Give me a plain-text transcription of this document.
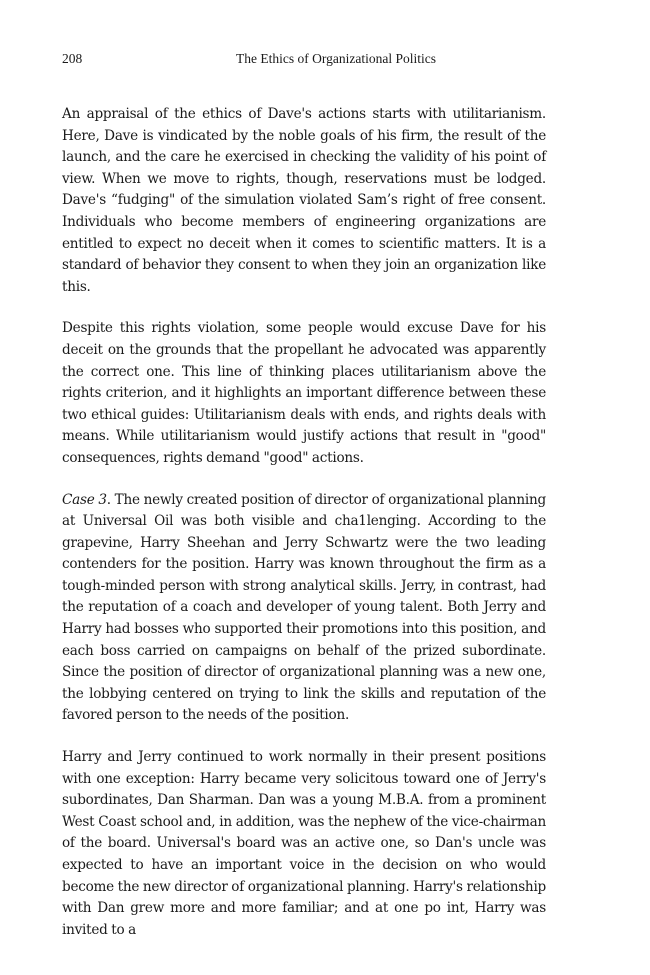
208	The Ethics of Organizational Politics

An appraisal of the ethics of Dave's actions starts with utilitarianism. Here, Dave is vindicated by the noble goals of his firm, the result of the launch, and the care he exercised in checking the validity of his point of view. When we move to rights, though, reservations must be lodged. Dave's “fudging" of the simulation violated Sam’s right of free consent. Individuals who become members of engineering organizations are entitled to expect no deceit when it comes to scientific matters. It is a standard of behavior they consent to when they join an organization like this.

Despite this rights violation, some people would excuse Dave for his deceit on the grounds that the propellant he advocated was apparently the correct one. This line of thinking places utilitarianism above the rights criterion, and it highlights an important difference between these two ethical guides: Utilitarianism deals with ends, and rights deals with means. While utilitarianism would justify actions that result in "good" consequences, rights demand "good" actions.

Case 3. The newly created position of director of organizational planning at Universal Oil was both visible and cha1lenging. According to the grapevine, Harry Sheehan and Jerry Schwartz were the two leading contenders for the position. Harry was known throughout the firm as a tough-minded person with strong analytical skills. Jerry, in contrast, had the reputation of a coach and developer of young talent. Both Jerry and Harry had bosses who supported their promotions into this position, and each boss carried on campaigns on behalf of the prized subordinate. Since the position of director of organizational planning was a new one, the lobbying centered on trying to link the skills and reputation of the favored person to the needs of the position.

Harry and Jerry continued to work normally in their present positions with one exception: Harry became very solicitous toward one of Jerry's subordinates, Dan Sharman. Dan was a young M.B.A. from a prominent West Coast school and, in addition, was the nephew of the vice-chairman of the board. Universal's board was an active one, so Dan's uncle was expected to have an important voice in the decision on who would become the new director of organizational planning. Harry's relationship with Dan grew more and more familiar; and at one po int, Harry was invited to a
